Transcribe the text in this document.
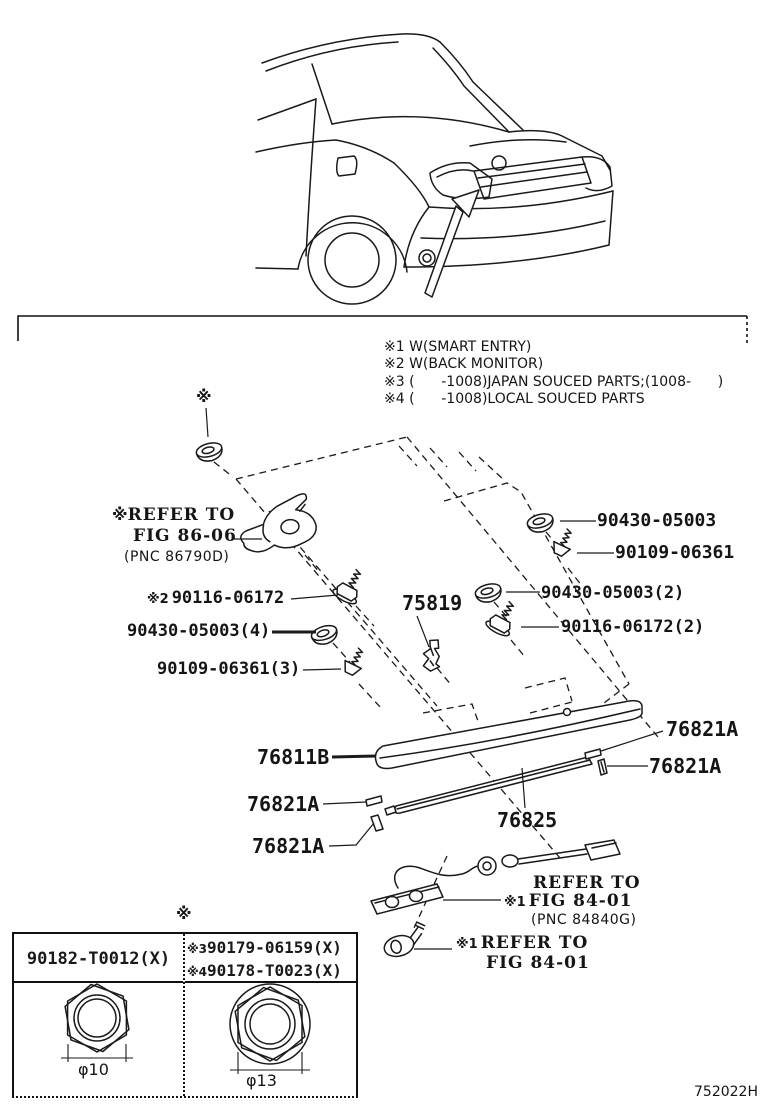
※1 W(SMART ENTRY)
※2 W(BACK MONITOR)
※3 (      -1008)JAPAN SOUCED PARTS;(1008-      )
※4 (      -1008)LOCAL SOUCED PARTS
※
※REFER TO
FIG 86-06
(PNC 86790D)
※2 90116-06172
90430-05003(4)
90109-06361(3)
75819
90430-05003
90109-06361
90430-05003(2)
90116-06172(2)
76811B
76821A
76821A
76821A
76821A
76825
REFER TO
※1 FIG 84-01
(PNC 84840G)
※1 REFER TO
FIG 84-01
※
90182-T0012(X)	※390179-06159(X)
※490178-T0023(X)
φ10
φ13
752022H
